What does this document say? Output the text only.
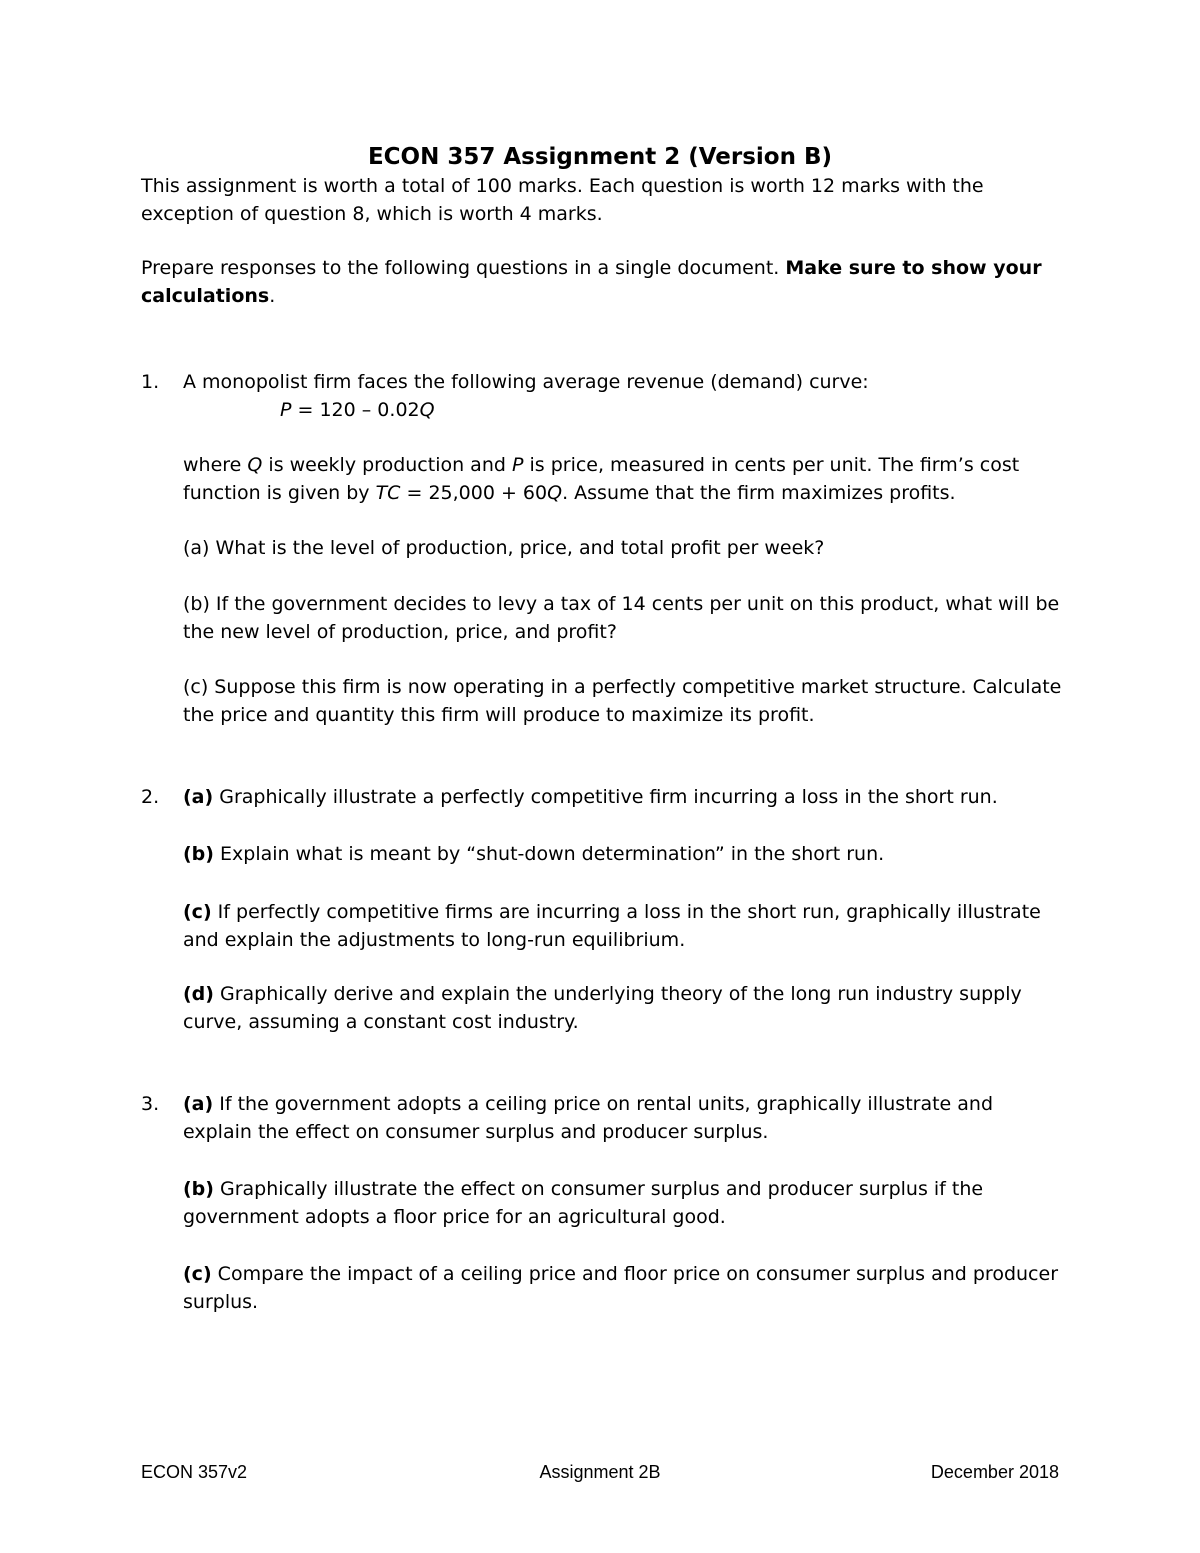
ECON 357 Assignment 2 (Version B)
This assignment is worth a total of 100 marks. Each question is worth 12 marks with the exception of question 8, which is worth 4 marks.
Prepare responses to the following questions in a single document. Make sure to show your calculations.
1. A monopolist firm faces the following average revenue (demand) curve:
P = 120 – 0.02Q
where Q is weekly production and P is price, measured in cents per unit. The firm’s cost function is given by TC = 25,000 + 60Q. Assume that the firm maximizes profits.
(a) What is the level of production, price, and total profit per week?
(b) If the government decides to levy a tax of 14 cents per unit on this product, what will be the new level of production, price, and profit?
(c) Suppose this firm is now operating in a perfectly competitive market structure. Calculate the price and quantity this firm will produce to maximize its profit.
2. (a) Graphically illustrate a perfectly competitive firm incurring a loss in the short run.
(b) Explain what is meant by “shut-down determination” in the short run.
(c) If perfectly competitive firms are incurring a loss in the short run, graphically illustrate and explain the adjustments to long-run equilibrium.
(d) Graphically derive and explain the underlying theory of the long run industry supply curve, assuming a constant cost industry.
3. (a) If the government adopts a ceiling price on rental units, graphically illustrate and explain the effect on consumer surplus and producer surplus.
(b) Graphically illustrate the effect on consumer surplus and producer surplus if the government adopts a floor price for an agricultural good.
(c) Compare the impact of a ceiling price and floor price on consumer surplus and producer surplus.
ECON 357v2	Assignment 2B	December 2018
